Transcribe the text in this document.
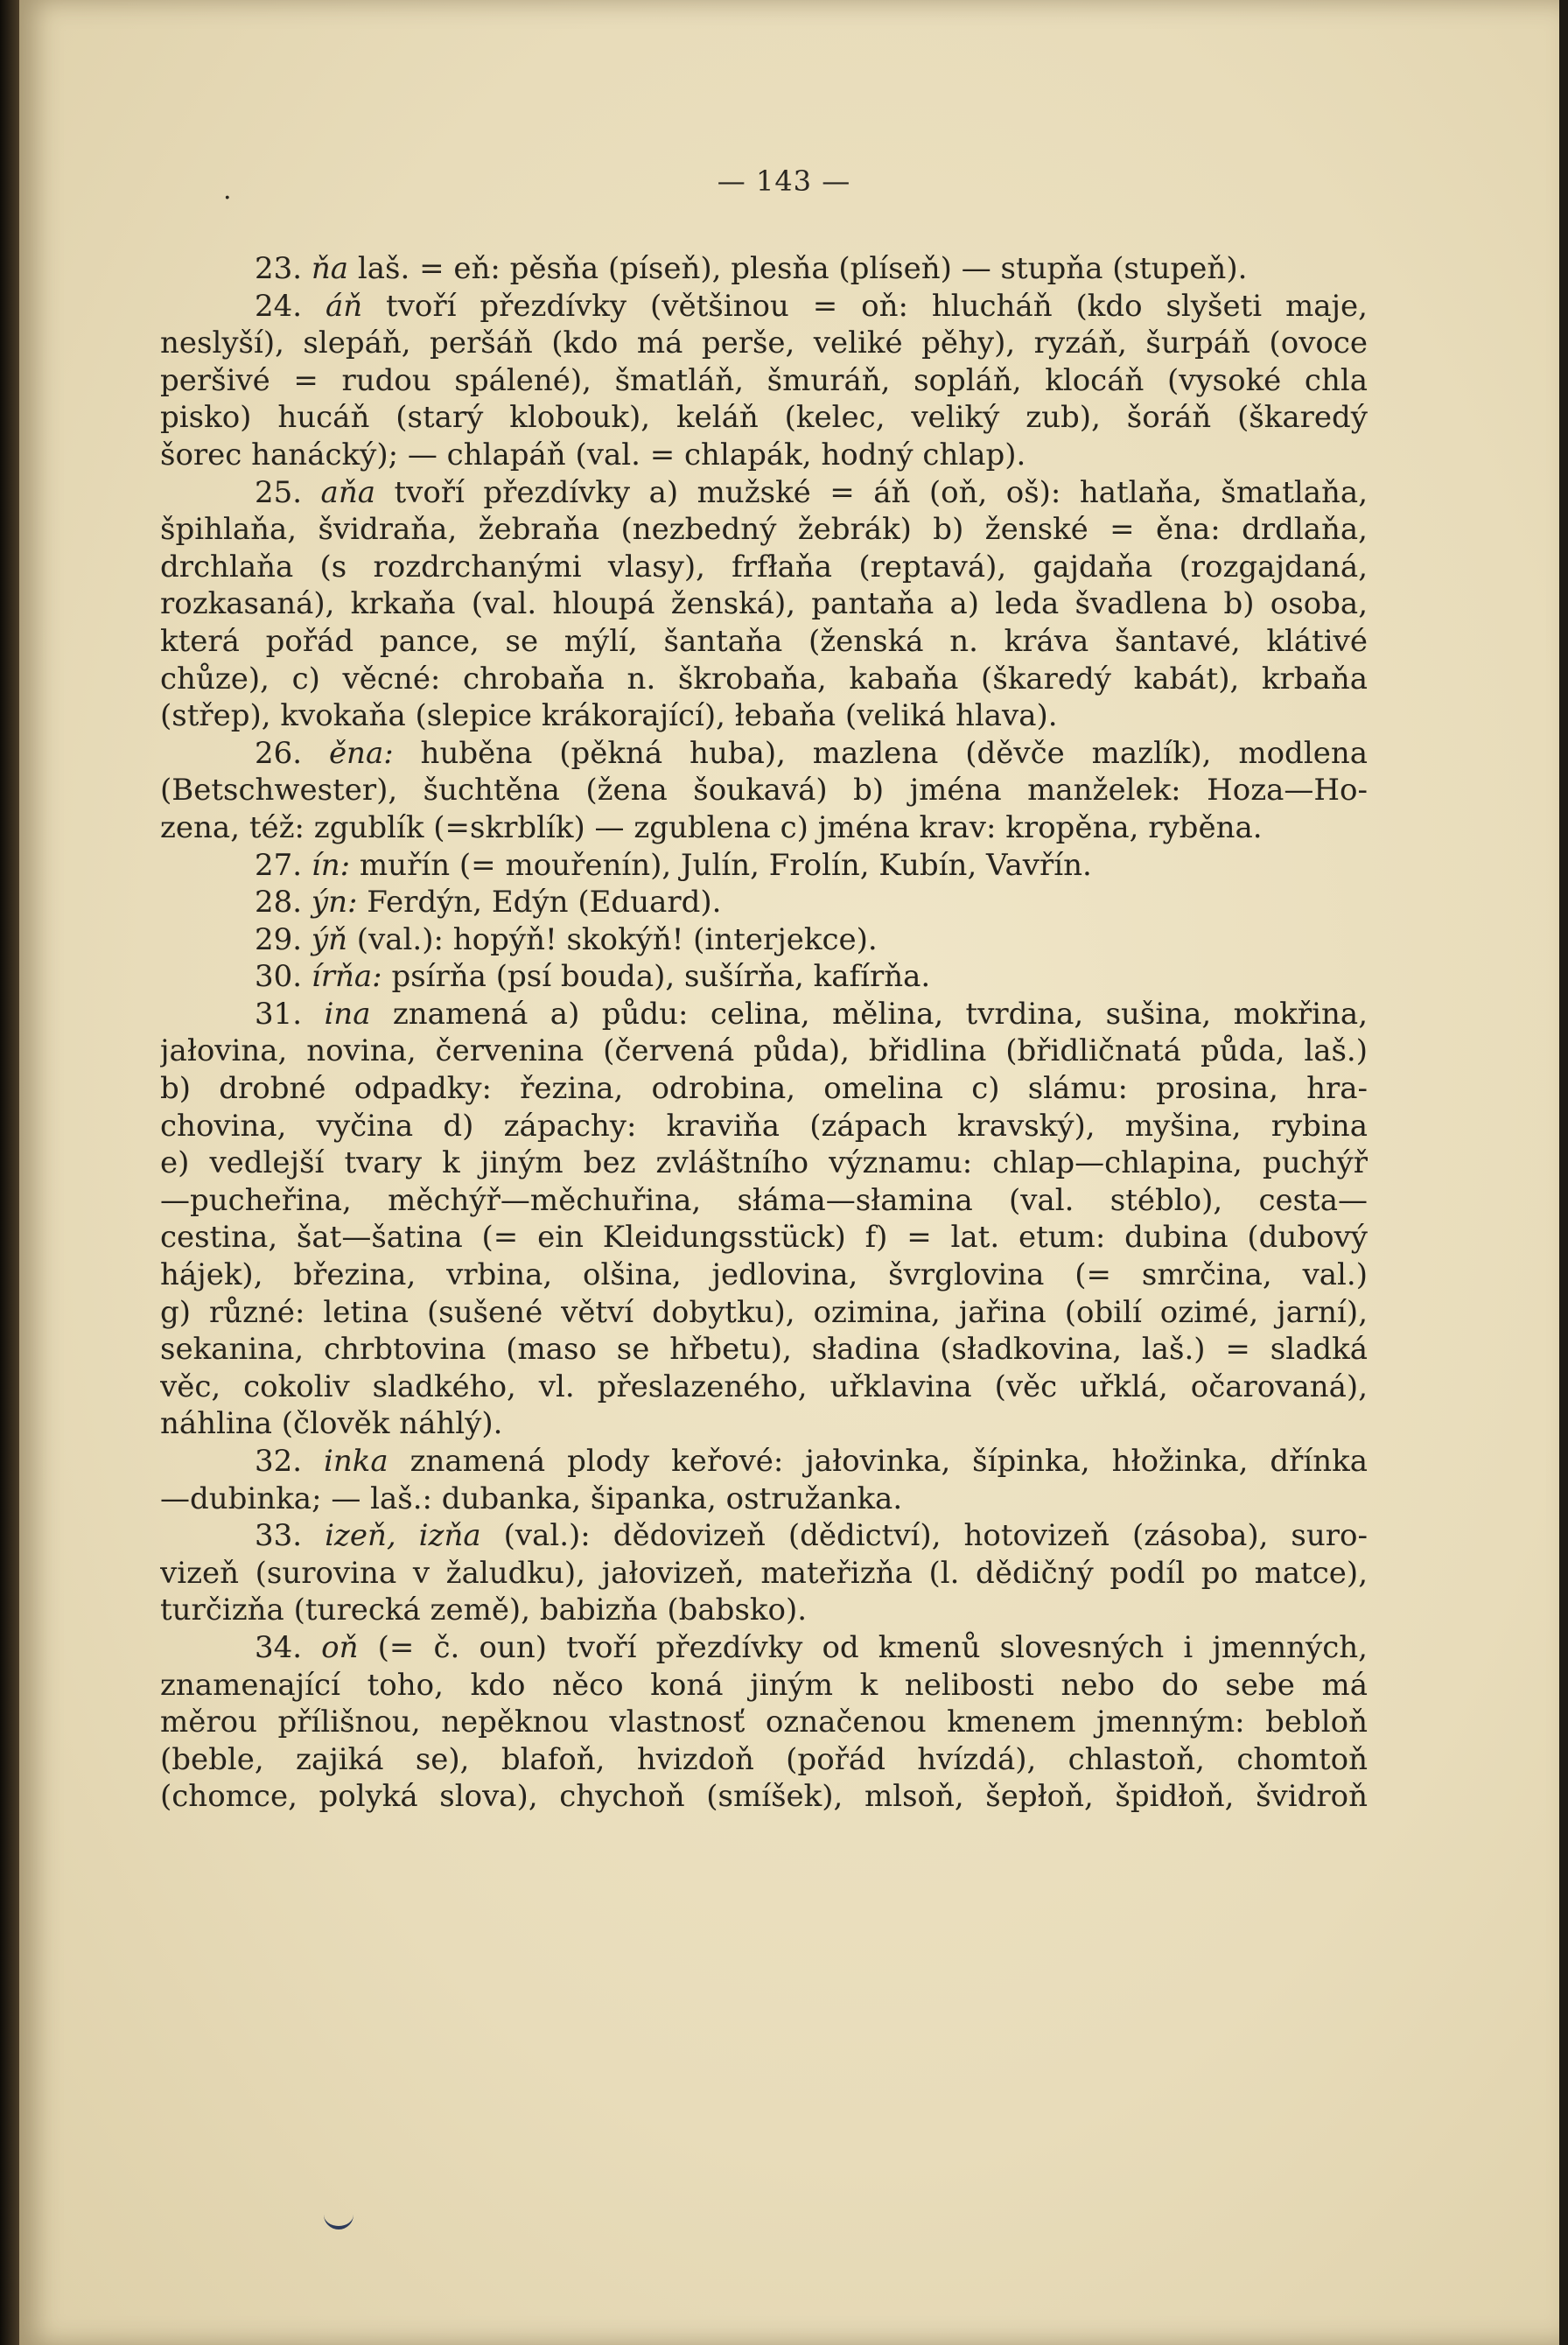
.	— 143 —
23. ňa laš. = eň: pěsňa (píseň), plesňa (plíseň) — stupňa (stupeň).
24. áň tvoří přezdívky (většinou = oň: hlucháň (kdo slyšeti maje,
neslyší), slepáň, peršáň (kdo má perše, veliké pěhy), ryzáň, šurpáň (ovoce
peršivé = rudou spálené), šmatláň, šmuráň, sopláň, klocáň (vysoké chla
pisko) hucáň (starý klobouk), keláň (kelec, veliký zub), šoráň (škaredý
šorec hanácký); — chlapáň (val. = chlapák, hodný chlap).
25. aňa tvoří přezdívky a) mužské = áň (oň, oš): hatlaňa, šmatlaňa,
špihlaňa, švidraňa, žebraňa (nezbedný žebrák) b) ženské = ěna: drdlaňa,
drchlaňa (s rozdrchanými vlasy), frfłaňa (reptavá), gajdaňa (rozgajdaná,
rozkasaná), krkaňa (val. hloupá ženská), pantaňa a) leda švadlena b) osoba,
která pořád pance, se mýlí, šantaňa (ženská n. kráva šantavé, klátivé
chůze), c) věcné: chrobaňa n. škrobaňa, kabaňa (škaredý kabát), krbaňa
(střep), kvokaňa (slepice krákorající), łebaňa (veliká hlava).
26. ěna: huběna (pěkná huba), mazlena (děvče mazlík), modlena
(Betschwester), šuchtěna (žena šoukavá) b) jména manželek: Hoza—Ho-
zena, též: zgublík (=skrblík) — zgublena c) jména krav: kropěna, ryběna.
27. ín: muřín (= mouřenín), Julín, Frolín, Kubín, Vavřín.
28. ýn: Ferdýn, Edýn (Eduard).
29. ýň (val.): hopýň! skokýň! (interjekce).
30. írňa: psírňa (psí bouda), sušírňa, kafírňa.
31. ina znamená a) půdu: celina, mělina, tvrdina, sušina, mokřina,
jałovina, novina, červenina (červená půda), břidlina (břidličnatá půda, laš.)
b) drobné odpadky: řezina, odrobina, omelina c) slámu: prosina, hra-
chovina, vyčina d) zápachy: kraviňa (zápach kravský), myšina, rybina
e) vedlejší tvary k jiným bez zvláštního významu: chlap—chlapina, puchýř
—pucheřina, měchýř—měchuřina, słáma—słamina (val. stéblo), cesta—
cestina, šat—šatina (= ein Kleidungsstück) f) = lat. etum: dubina (dubový
hájek), březina, vrbina, olšina, jedlovina, švrglovina (= smrčina, val.)
g) různé: letina (sušené větví dobytku), ozimina, jařina (obilí ozimé, jarní),
sekanina, chrbtovina (maso se hřbetu), sładina (sładkovina, laš.) = sladká
věc, cokoliv sladkého, vl. přeslazeného, uřklavina (věc uřklá, očarovaná),
náhlina (člověk náhlý).
32. inka znamená plody keřové: jałovinka, šípinka, hłožinka, dřínka
—dubinka; — laš.: dubanka, šipanka, ostružanka.
33. izeň, izňa (val.): dědovizeň (dědictví), hotovizeň (zásoba), surо-
vizeň (surovina v žaludku), jałovizeň, mateřizňa (l. dědičný podíl po matce),
turčizňa (turecká země), babizňa (babsko).
34. oň (= č. oun) tvoří přezdívky od kmenů slovesných i jmenných,
znamenající toho, kdo něco koná jiným k nelibosti nebo do sebe má
měrou přílišnou, nepěknou vlastnosť označenou kmenem jmenným: bebloň
(beble, zajiká se), blafoň, hvizdoň (pořád hvízdá), chlastoň, chomtoň
(chomce, polyká slova), chychoň (smíšek), mlsoň, šepłoň, špidłoň, švidroň
